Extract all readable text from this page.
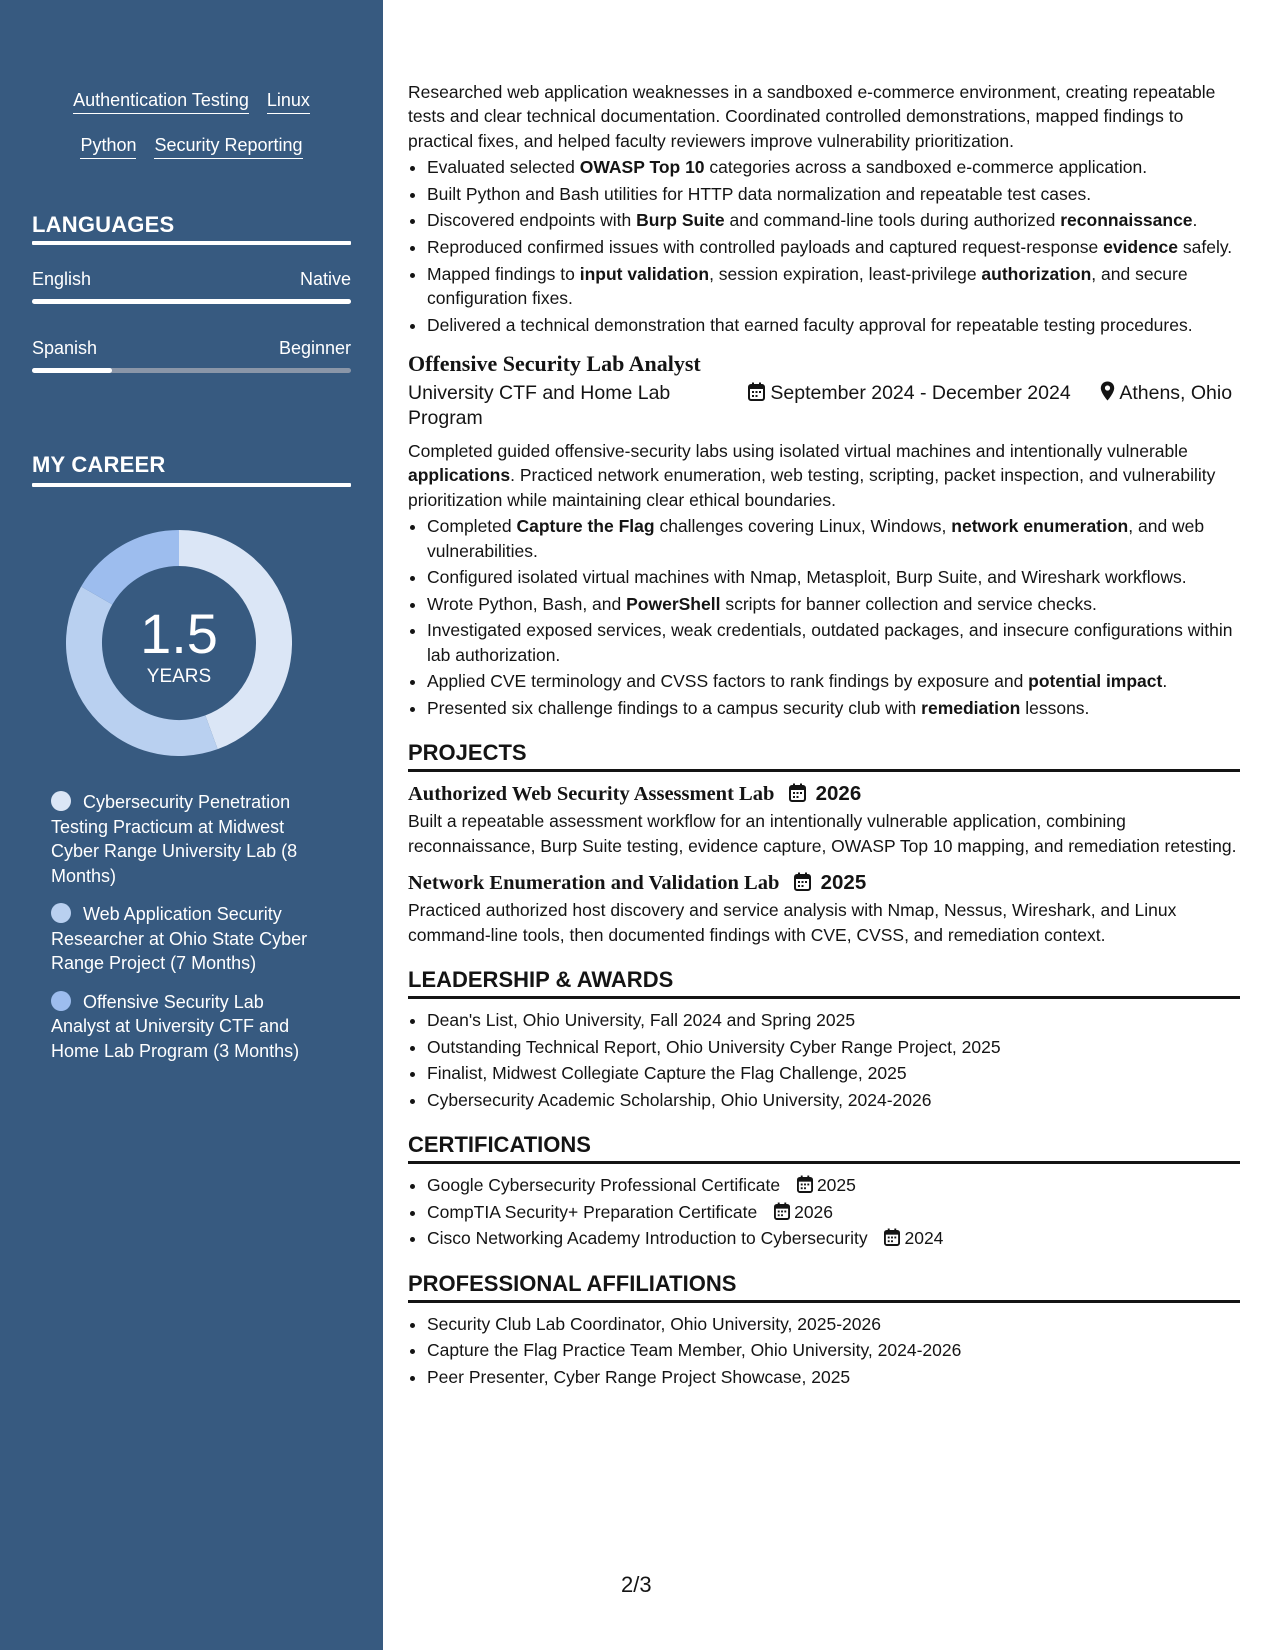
Authentication Testing Linux
Python Security Reporting
LANGUAGES
English	Native
Spanish	Beginner
MY CAREER
1.5
YEARS
Cybersecurity Penetration Testing Practicum at Midwest Cyber Range University Lab (8 Months)
Web Application Security Researcher at Ohio State Cyber Range Project (7 Months)
Offensive Security Lab Analyst at University CTF and Home Lab Program (3 Months)

Researched web application weaknesses in a sandboxed e-commerce environment, creating repeatable tests and clear technical documentation. Coordinated controlled demonstrations, mapped findings to practical fixes, and helped faculty reviewers improve vulnerability prioritization.

• Evaluated selected OWASP Top 10 categories across a sandboxed e-commerce application.
• Built Python and Bash utilities for HTTP data normalization and repeatable test cases.
• Discovered endpoints with Burp Suite and command-line tools during authorized reconnaissance.
• Reproduced confirmed issues with controlled payloads and captured request-response evidence safely.
• Mapped findings to input validation, session expiration, least-privilege authorization, and secure configuration fixes.
• Delivered a technical demonstration that earned faculty approval for repeatable testing procedures.
Offensive Security Lab Analyst
University CTF and Home Lab Program
September 2024 - December 2024	Athens, Ohio

Completed guided offensive-security labs using isolated virtual machines and intentionally vulnerable applications. Practiced network enumeration, web testing, scripting, packet inspection, and vulnerability prioritization while maintaining clear ethical boundaries.

• Completed Capture the Flag challenges covering Linux, Windows, network enumeration, and web vulnerabilities.
• Configured isolated virtual machines with Nmap, Metasploit, Burp Suite, and Wireshark workflows.
• Wrote Python, Bash, and PowerShell scripts for banner collection and service checks.
• Investigated exposed services, weak credentials, outdated packages, and insecure configurations within lab authorization.
• Applied CVE terminology and CVSS factors to rank findings by exposure and potential impact.
• Presented six challenge findings to a campus security club with remediation lessons.
PROJECTS
Authorized Web Security Assessment Lab 2026

Built a repeatable assessment workflow for an intentionally vulnerable application, combining reconnaissance, Burp Suite testing, evidence capture, OWASP Top 10 mapping, and remediation retesting.

Network Enumeration and Validation Lab 2025

Practiced authorized host discovery and service analysis with Nmap, Nessus, Wireshark, and Linux command-line tools, then documented findings with CVE, CVSS, and remediation context.

LEADERSHIP & AWARDS
• Dean's List, Ohio University, Fall 2024 and Spring 2025
• Outstanding Technical Report, Ohio University Cyber Range Project, 2025
• Finalist, Midwest Collegiate Capture the Flag Challenge, 2025
• Cybersecurity Academic Scholarship, Ohio University, 2024-2026
CERTIFICATIONS
• Google Cybersecurity Professional Certificate 2025
• CompTIA Security+ Preparation Certificate 2026
• Cisco Networking Academy Introduction to Cybersecurity 2024
PROFESSIONAL AFFILIATIONS
• Security Club Lab Coordinator, Ohio University, 2025-2026
• Capture the Flag Practice Team Member, Ohio University, 2024-2026
• Peer Presenter, Cyber Range Project Showcase, 2025
2/3
